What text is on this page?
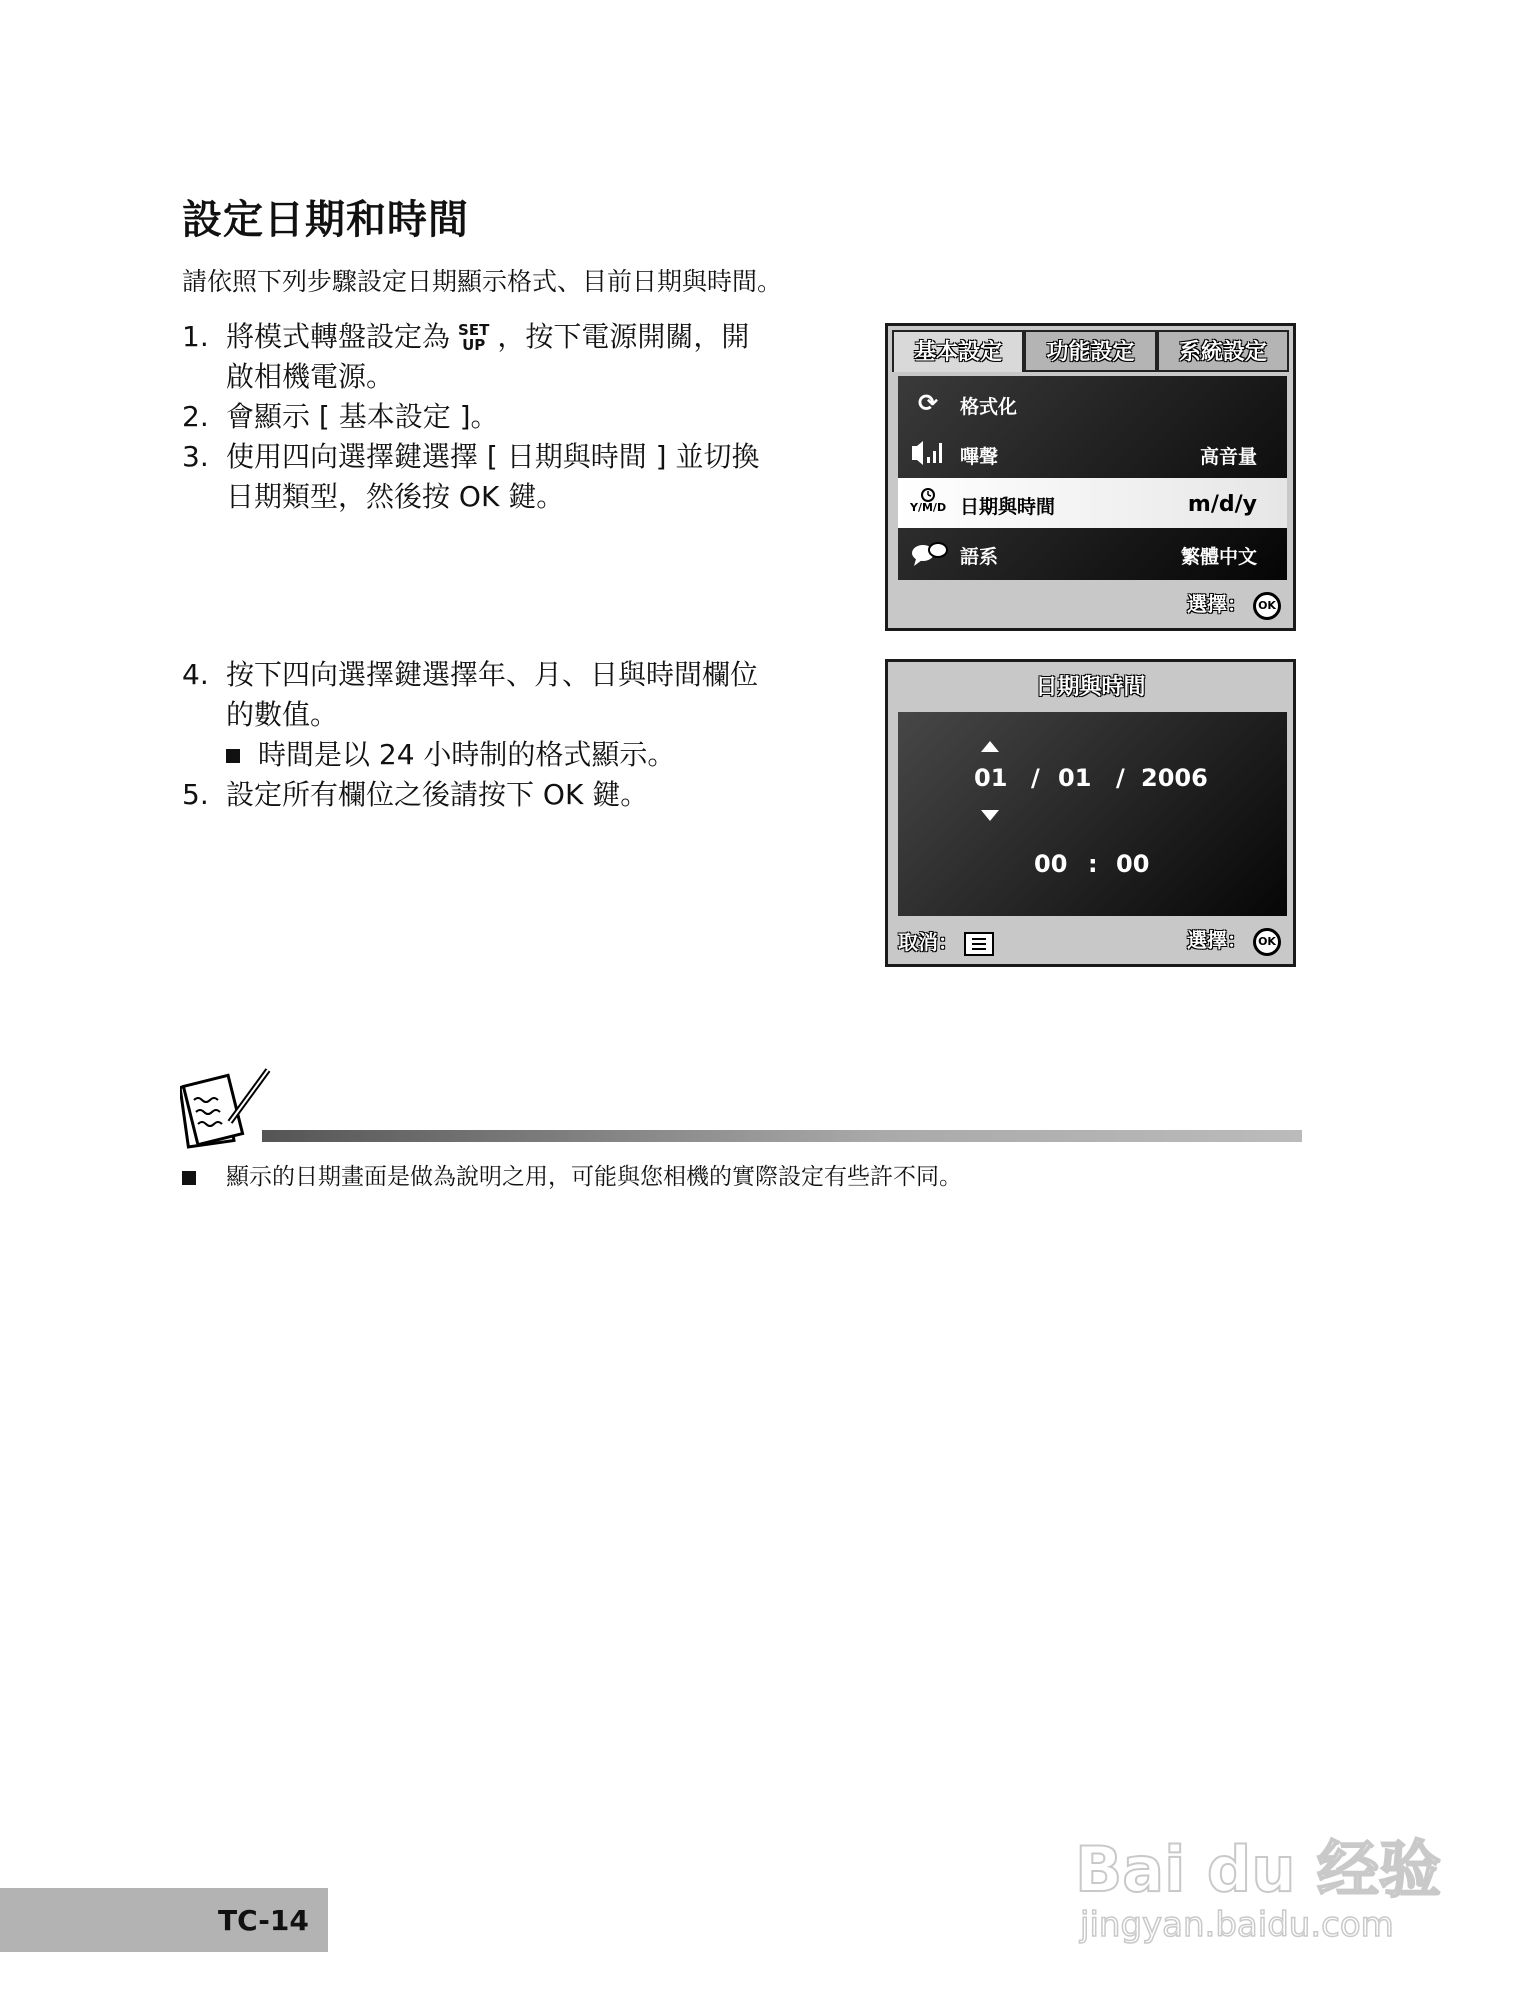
設定日期和時間
請依照下列步驟設定日期顯示格式、目前日期與時間。
1. 將模式轉盤設定為 SET
UP ，按下電源開關，開
啟相機電源。
2. 會顯示 [ 基本設定 ]。
3. 使用四向選擇鍵選擇 [ 日期與時間 ] 並切換
日期類型，然後按 OK 鍵。
4. 按下四向選擇鍵選擇年、月、日與時間欄位
的數值。
時間是以 24 小時制的格式顯示。
5. 設定所有欄位之後請按下 OK 鍵。
基本設定	功能設定	系統設定
⟳	格式化
嗶聲	高音量
Y/M/D 日期與時間	m/d/y
語系	繁體中文
選擇： OK
日期與時間
01 / 01 / 2006
00 : 00
取消：	選擇： OK
顯示的日期畫面是做為說明之用，可能與您相機的實際設定有些許不同。
TC-14
Bai du 经验
jingyan.baidu.com
